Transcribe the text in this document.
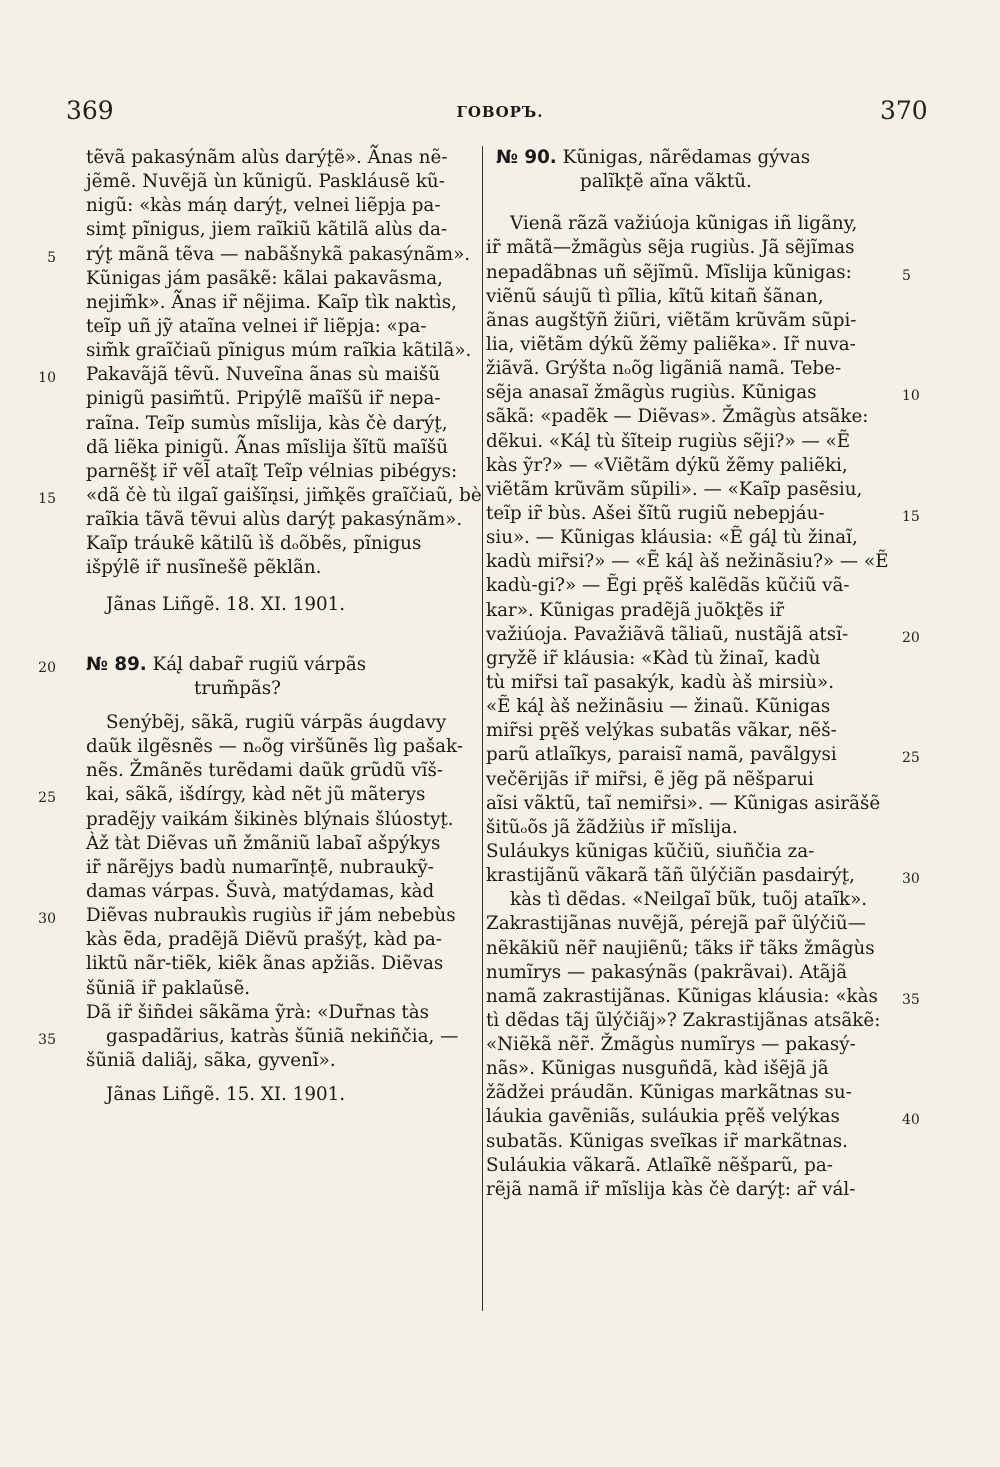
369	ГОВОРЪ.	370
tẽvã pakasýnãm alùs darýt̨ẽ». A᷉nas nẽ-
jẽmẽ. Nuvẽjã ùn kũnigũ. Paskláusẽ kũ-
nigũ: «kàs mán̨ darýt̨, velnei liẽpja pa-
simt̨ pĩnigus, jiem raĩkiũ kãtilã alùs da-
5 rýt̨ mãnã tẽva — nabãšnykã pakasýnãm».
Kũnigas jám pasãkẽ: kãlai pakavãsma,
nejim̃k». A᷉nas ir̃ nẽjima. Kaĩp tìk naktìs,
teĩp uñ jỹ ataĩna velnei ir̃ liẽpja: «pa-
sim̃k graĩčiaũ pĩnigus múm raĩkia kãtilã».
10 Pakavãjã tẽvũ. Nuveĩna ãnas sù maišũ
pinigũ pasim̃tũ. Pripýlẽ maĩšũ ir̃ nepa-
raĩna. Teĩp sumùs mĩslija, kàs čè darýt̨,
dã liẽka pinigũ. A᷉nas mĩslija šĩtũ maĩšũ
parnẽšt̨ ir̃ vẽl̃ ataĩt̨ Teĩp vélnias pibégys:
15 «dã čè tù ilgaĩ gaišĩn̨si, jim̃k̨ẽs graĩčiaũ, bè
raĩkia tãvã tẽvui alùs darýt̨ pakasýnãm».
Kaĩp tráukẽ kãtilũ ìš dₒõbẽs, pĩnigus
išpýlẽ ir̃ nusĩnešẽ pẽklãn.
Jãnas Liñgẽ. 18. XI. 1901.
20 № 89. Kál̨ dabar̃ rugiũ várpãs
trum̃pãs?
Senýbẽj, sãkã, rugiũ várpãs áugdavy
daũk ilgẽsnẽs — nₒõg viršũnẽs lìg pašak-
nẽs. Žmãnẽs turẽdami daũk grũdũ vĩš-
25 kai, sãkã, išdírgy, kàd nẽt jũ mãterys
pradẽjy vaikám šikinès blýnais šlúostyt̨.
Àž tàt Diẽvas uñ žmãniũ labaĩ ašpýkys
ir̃ nãrẽjys badù numarĩnt̨ẽ, nubraukỹ-
damas várpas. Šuvà, matýdamas, kàd
30 Diẽvas nubraukìs rugiùs ir̃ jám nebebùs
kàs ẽda, pradẽjã Diẽvũ prašýt̨, kàd pa-
liktũ nãr-tiẽk, kiẽk ãnas apžiãs. Diẽvas
šũniã ir̃ paklaũsẽ.
Dã ir̃ šiñdei sãkãma ỹrà: «Dur̃nas tàs
35	gaspadãrius, katràs šũniã nekiñčia, —
šũniã daliãj, sãka, gyveni̇̃».
Jãnas Liñgẽ. 15. XI. 1901.
№ 90. Kũnigas, nãrẽdamas gývas
palĩkt̨ẽ aĩna vãktũ.
Vienã rãzã važiúoja kũnigas iñ ligãny,
ir̃ mãtã—žmãgùs sẽja rugiùs. Jã sẽjĩmas
5
nepadãbnas uñ sẽjĩmũ. Mĩslija kũnigas:
viẽnũ sáujũ tì pĩlia, kĩtũ kitañ šãnan,
ãnas augštỹñ žiũri, viẽtãm krũvãm sũpi-
lia, viẽtãm dýkũ žẽmy paliẽka». Ir̃ nuva-
žiãvã. Grýšta nₒõg ligãniã namã. Tebe-
10
sẽja anasaĩ žmãgùs rugiùs. Kũnigas
sãkã: «padẽk — Diẽvas». Žmãgùs atsãke:
dẽkui. «Kál̨ tù šĩteip rugiùs sẽji?» — «Ẽ
kàs ỹr?» — «Viẽtãm dýkũ žẽmy paliẽki,
viẽtãm krũvãm sũpili». — «Kaĩp pasẽsiu,
15
teĩp ir̃ bùs. Ašei šĩtũ rugiũ nebepjáu-
siu». — Kũnigas kláusia: «Ẽ gál̨ tù žinaĩ,
kadù mir̃si?» — «Ẽ kál̨ àš nežinãsiu?» — «Ẽ
kadù-gi?» — Ẽgi pr̨ẽš kalẽdãs kũčiũ vã-
kar». Kũnigas pradẽjã juõkt̨ẽs ir̃
20
važiúoja. Pavažiãvã tãliaũ, nustãjã atsĩ-
gryžẽ ir̃ kláusia: «Kàd tù žinaĩ, kadù
tù mir̃si taĩ pasakýk, kadù àš mirsiù».
«Ẽ kál̨ àš nežinãsiu — žinaũ. Kũnigas
mir̃si pr̨ẽš velýkas subatãs vãkar, nẽš-
25
parũ atlaĩkys, paraisĩ namã, pavãlgysi
večẽrijãs ir̃ mir̃si, ẽ jẽg pã nẽšparui
aĩsi vãktũ, taĩ nemir̃si». — Kũnigas asirãšẽ
šitũₒõs jã žãdžiùs ir̃ mĩslija.
Suláukys kũnigas kũčiũ, siuñčia za-
30
krastijãnũ vãkarã tãñ ũlýčiãn pasdairýt̨,
kàs tì dẽdas. «Neilgaĩ bũk, tuõj ataĩk».
Zakrastijãnas nuvẽjã, pérejã par̃ ũlýčiũ—
nẽkãkiũ nẽr̃ naujiẽnũ; tãks ir̃ tãks žmãgùs
numĩrys — pakasýnãs (pakrãvai). Atãjã
35
namã zakrastijãnas. Kũnigas kláusia: «kàs
tì dẽdas tãj ũlýčiãj»? Zakrastijãnas atsãkẽ:
«Niẽkã nẽr̃. Žmãgùs numĩrys — pakasý-
nãs». Kũnigas nusguñdã, kàd išẽjã jã
žãdžei práudãn. Kũnigas markãtnas su-
40
láukia gavẽniãs, suláukia pr̨ẽš velýkas
subatãs. Kũnigas sveĩkas ir̃ markãtnas.
Suláukia vãkarã. Atlaĩkẽ nẽšparũ, pa-
rẽjã namã ir̃ mĩslija kàs čè darýt̨: ar̃ vál-
